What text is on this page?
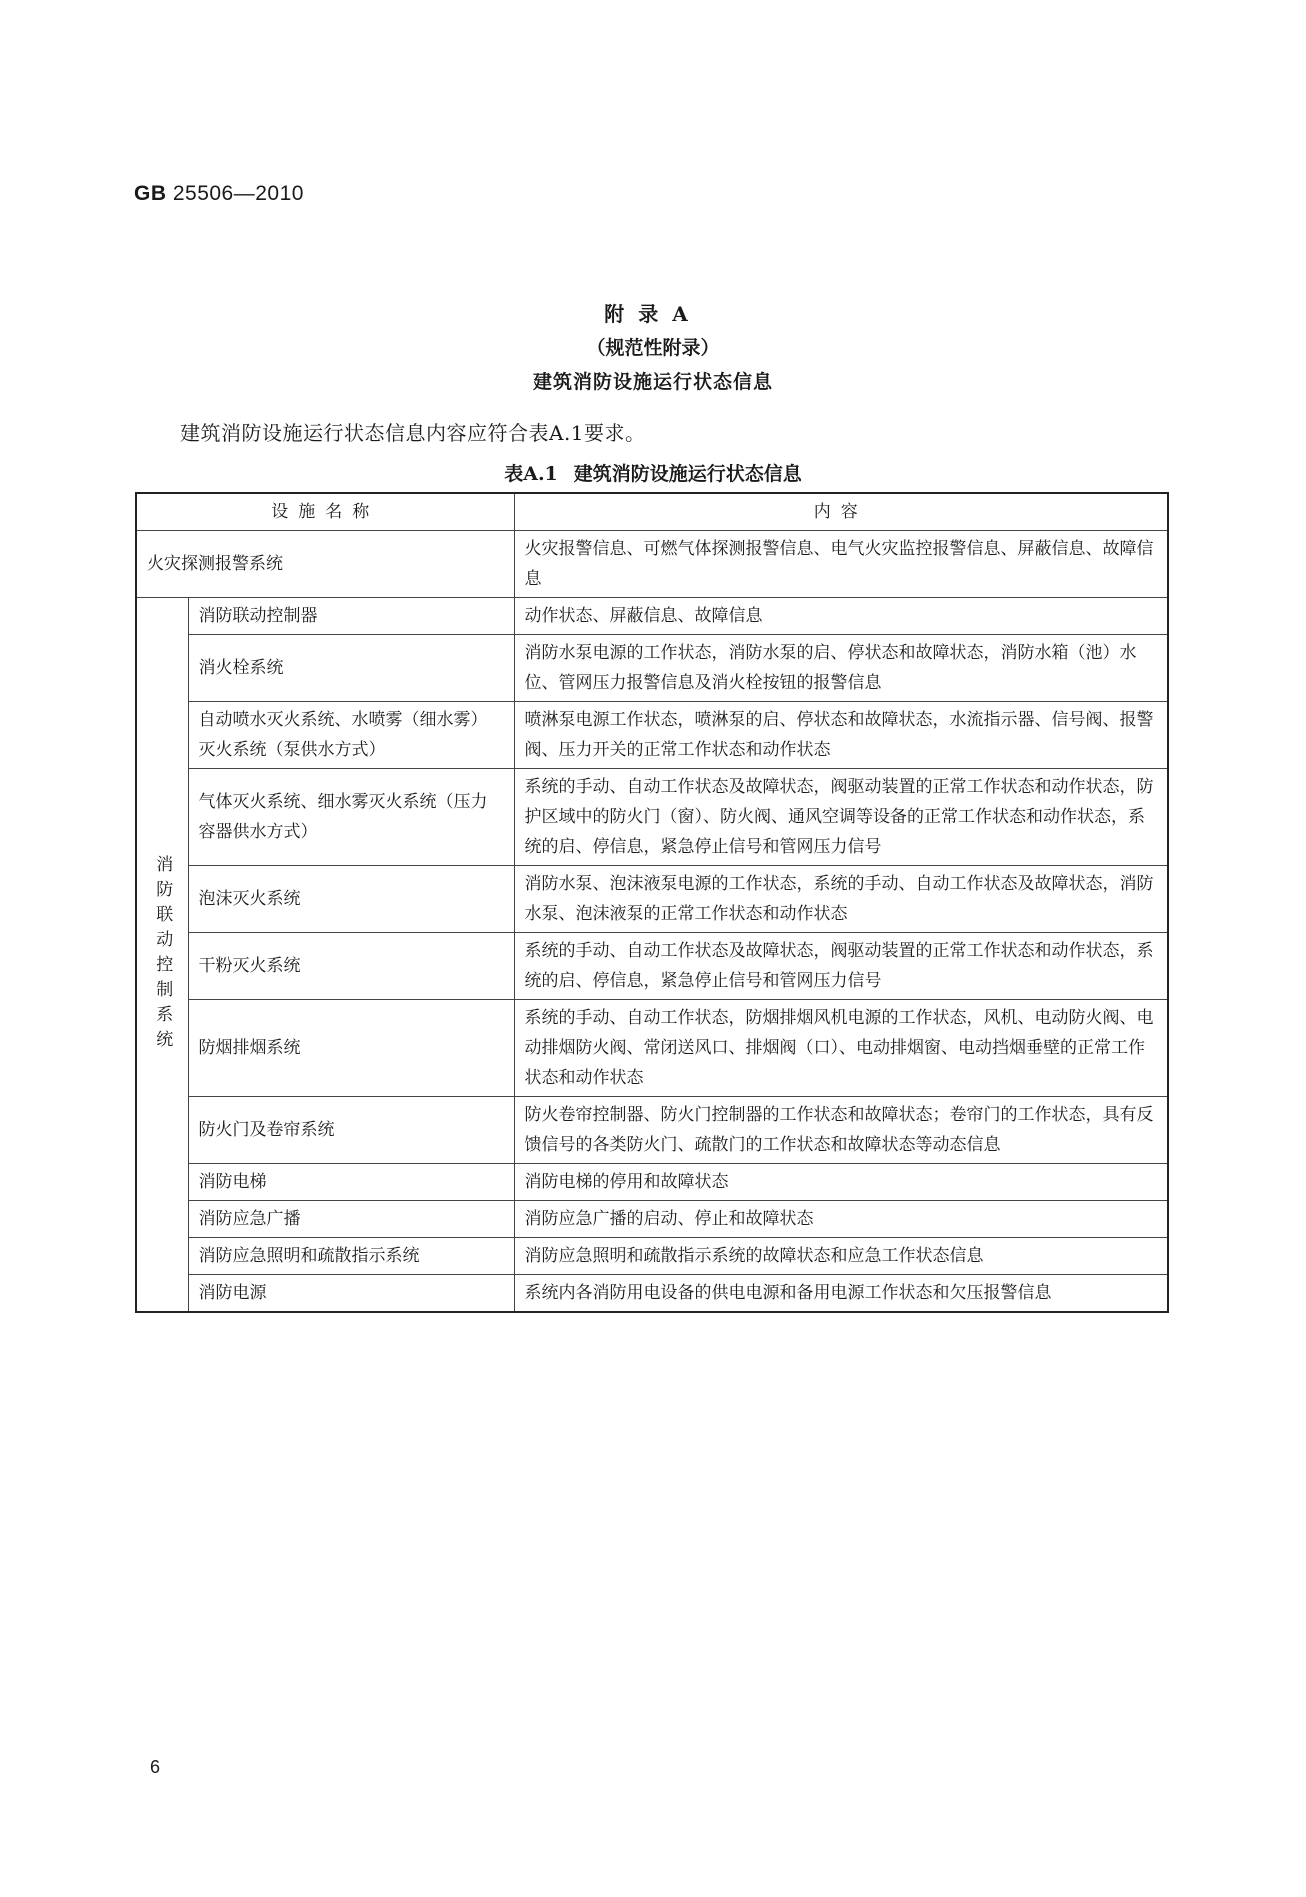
GB 25506—2010
附录A
（规范性附录）
建筑消防设施运行状态信息
建筑消防设施运行状态信息内容应符合表A.1要求。
表A.1 建筑消防设施运行状态信息
设施名称		内容
火灾探测报警系统		火灾报警信息、可燃气体探测报警信息、电气火灾监控报警信息、屏蔽信息、故障信息
消防联动控制系统	消防联动控制器	动作状态、屏蔽信息、故障信息
	消火栓系统	消防水泵电源的工作状态，消防水泵的启、停状态和故障状态，消防水箱（池）水位、管网压力报警信息及消火栓按钮的报警信息
	自动喷水灭火系统、水喷雾（细水雾）灭火系统（泵供水方式）	喷淋泵电源工作状态，喷淋泵的启、停状态和故障状态，水流指示器、信号阀、报警阀、压力开关的正常工作状态和动作状态
	气体灭火系统、细水雾灭火系统（压力容器供水方式）	系统的手动、自动工作状态及故障状态，阀驱动装置的正常工作状态和动作状态，防护区域中的防火门（窗）、防火阀、通风空调等设备的正常工作状态和动作状态，系统的启、停信息，紧急停止信号和管网压力信号
	泡沫灭火系统	消防水泵、泡沫液泵电源的工作状态，系统的手动、自动工作状态及故障状态，消防水泵、泡沫液泵的正常工作状态和动作状态
	干粉灭火系统	系统的手动、自动工作状态及故障状态，阀驱动装置的正常工作状态和动作状态，系统的启、停信息，紧急停止信号和管网压力信号
	防烟排烟系统	系统的手动、自动工作状态，防烟排烟风机电源的工作状态，风机、电动防火阀、电动排烟防火阀、常闭送风口、排烟阀（口）、电动排烟窗、电动挡烟垂壁的正常工作状态和动作状态
	防火门及卷帘系统	防火卷帘控制器、防火门控制器的工作状态和故障状态；卷帘门的工作状态，具有反馈信号的各类防火门、疏散门的工作状态和故障状态等动态信息
	消防电梯	消防电梯的停用和故障状态
	消防应急广播	消防应急广播的启动、停止和故障状态
	消防应急照明和疏散指示系统	消防应急照明和疏散指示系统的故障状态和应急工作状态信息
	消防电源	系统内各消防用电设备的供电电源和备用电源工作状态和欠压报警信息
6
